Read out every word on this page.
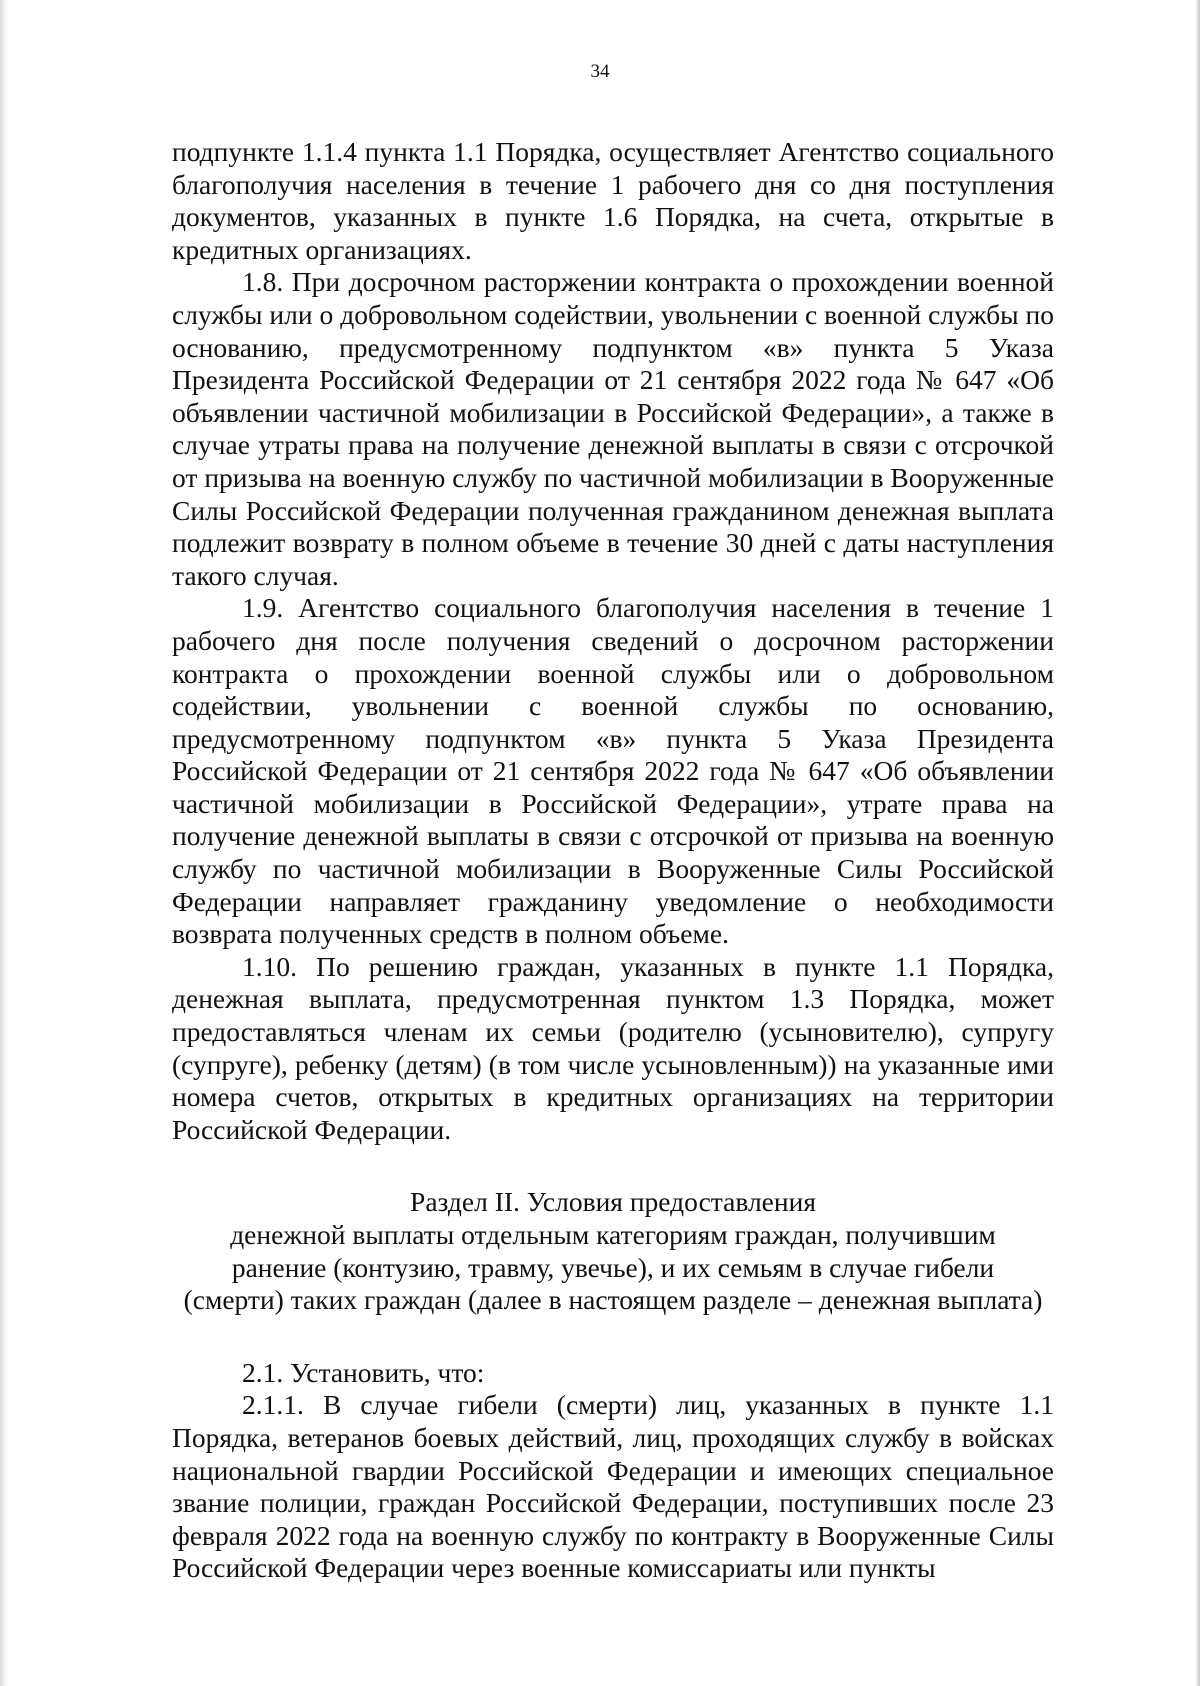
34

подпункте 1.1.4 пункта 1.1 Порядка, осуществляет Агентство социального благополучия населения в течение 1 рабочего дня со дня поступления документов, указанных в пункте 1.6 Порядка, на счета, открытые в кредитных организациях.

1.8. При досрочном расторжении контракта о прохождении военной службы или о добровольном содействии, увольнении с военной службы по основанию, предусмотренному подпунктом «в» пункта 5 Указа Президента Российской Федерации от 21 сентября 2022 года № 647 «Об объявлении частичной мобилизации в Российской Федерации», а также в случае утраты права на получение денежной выплаты в связи с отсрочкой от призыва на военную службу по частичной мобилизации в Вооруженные Силы Российской Федерации полученная гражданином денежная выплата подлежит возврату в полном объеме в течение 30 дней с даты наступления такого случая.

1.9. Агентство социального благополучия населения в течение 1 рабочего дня после получения сведений о досрочном расторжении контракта о прохождении военной службы или о добровольном содействии, увольнении с военной службы по основанию, предусмотренному подпунктом «в» пункта 5 Указа Президента Российской Федерации от 21 сентября 2022 года № 647 «Об объявлении частичной мобилизации в Российской Федерации», утрате права на получение денежной выплаты в связи с отсрочкой от призыва на военную службу по частичной мобилизации в Вооруженные Силы Российской Федерации направляет гражданину уведомление о необходимости возврата полученных средств в полном объеме.

1.10. По решению граждан, указанных в пункте 1.1 Порядка, денежная выплата, предусмотренная пунктом 1.3 Порядка, может предоставляться членам их семьи (родителю (усыновителю), супругу (супруге), ребенку (детям) (в том числе усыновленным)) на указанные ими номера счетов, открытых в кредитных организациях на территории Российской Федерации.

Раздел II. Условия предоставления
денежной выплаты отдельным категориям граждан, получившим
ранение (контузию, травму, увечье), и их семьям в случае гибели
(смерти) таких граждан (далее в настоящем разделе – денежная выплата)

2.1. Установить, что:

2.1.1. В случае гибели (смерти) лиц, указанных в пункте 1.1 Порядка, ветеранов боевых действий, лиц, проходящих службу в войсках национальной гвардии Российской Федерации и имеющих специальное звание полиции, граждан Российской Федерации, поступивших после 23 февраля 2022 года на военную службу по контракту в Вооруженные Силы Российской Федерации через военные комиссариаты или пункты
